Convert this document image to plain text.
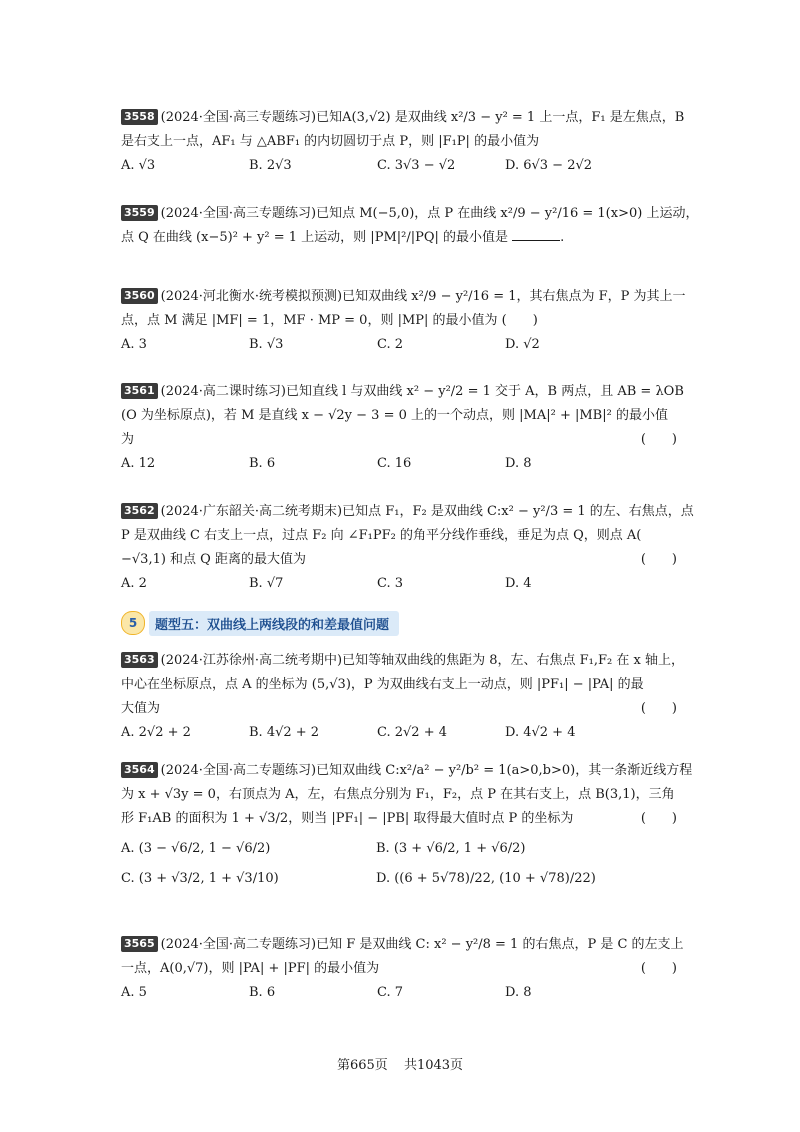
3558 (2024·全国·高三专题练习)已知A(3,√2) 是双曲线 x²/3 − y² = 1 上一点，F₁ 是左焦点，B
是右支上一点，AF₁ 与 △ABF₁ 的内切圆切于点 P，则 |F₁P| 的最小值为
A. √3	B. 2√3	C. 3√3 − √2	D. 6√3 − 2√2
3559 (2024·全国·高三专题练习)已知点 M(−5,0)，点 P 在曲线 x²/9 − y²/16 = 1(x>0) 上运动，
点 Q 在曲线 (x−5)² + y² = 1 上运动，则 |PM|²/|PQ| 的最小值是	.
3560 (2024·河北衡水·统考模拟预测)已知双曲线 x²/9 − y²/16 = 1，其右焦点为 F，P 为其上一
点，点 M 满足 |MF| = 1，MF · MP = 0，则 |MP| 的最小值为 (　　)
A. 3	B. √3	C. 2	D. √2
3561 (2024·高二课时练习)已知直线 l 与双曲线 x² − y²/2 = 1 交于 A，B 两点，且 AB = λOB
(O 为坐标原点)，若 M 是直线 x − √2y − 3 = 0 上的一个动点，则 |MA|² + |MB|² 的最小值
为	(　　)
A. 12	B. 6	C. 16	D. 8
3562 (2024·广东韶关·高二统考期末)已知点 F₁，F₂ 是双曲线 C:x² − y²/3 = 1 的左、右焦点，点
P 是双曲线 C 右支上一点，过点 F₂ 向 ∠F₁PF₂ 的角平分线作垂线，垂足为点 Q，则点 A(
−√3,1) 和点 Q 距离的最大值为	(　　)
A. 2	B. √7	C. 3	D. 4
5	题型五：双曲线上两线段的和差最值问题
3563 (2024·江苏徐州·高二统考期中)已知等轴双曲线的焦距为 8，左、右焦点 F₁,F₂ 在 x 轴上，
中心在坐标原点，点 A 的坐标为 (5,√3)，P 为双曲线右支上一动点，则 |PF₁| − |PA| 的最
大值为	(　　)
A. 2√2 + 2	B. 4√2 + 2	C. 2√2 + 4	D. 4√2 + 4
3564 (2024·全国·高二专题练习)已知双曲线 C:x²/a² − y²/b² = 1(a>0,b>0)，其一条渐近线方程
为 x + √3y = 0，右顶点为 A，左，右焦点分别为 F₁，F₂，点 P 在其右支上，点 B(3,1)，三角
形 F₁AB 的面积为 1 + √3/2，则当 |PF₁| − |PB| 取得最大值时点 P 的坐标为	(　　)
A. (3 − √6/2, 1 − √6/2)	B. (3 + √6/2, 1 + √6/2)
C. (3 + √3/2, 1 + √3/10)	D. ((6 + 5√78)/22, (10 + √78)/22)
3565 (2024·全国·高二专题练习)已知 F 是双曲线 C: x² − y²/8 = 1 的右焦点，P 是 C 的左支上
一点，A(0,√7)，则 |PA| + |PF| 的最小值为	(　　)
A. 5	B. 6	C. 7	D. 8
第665页 共1043页
